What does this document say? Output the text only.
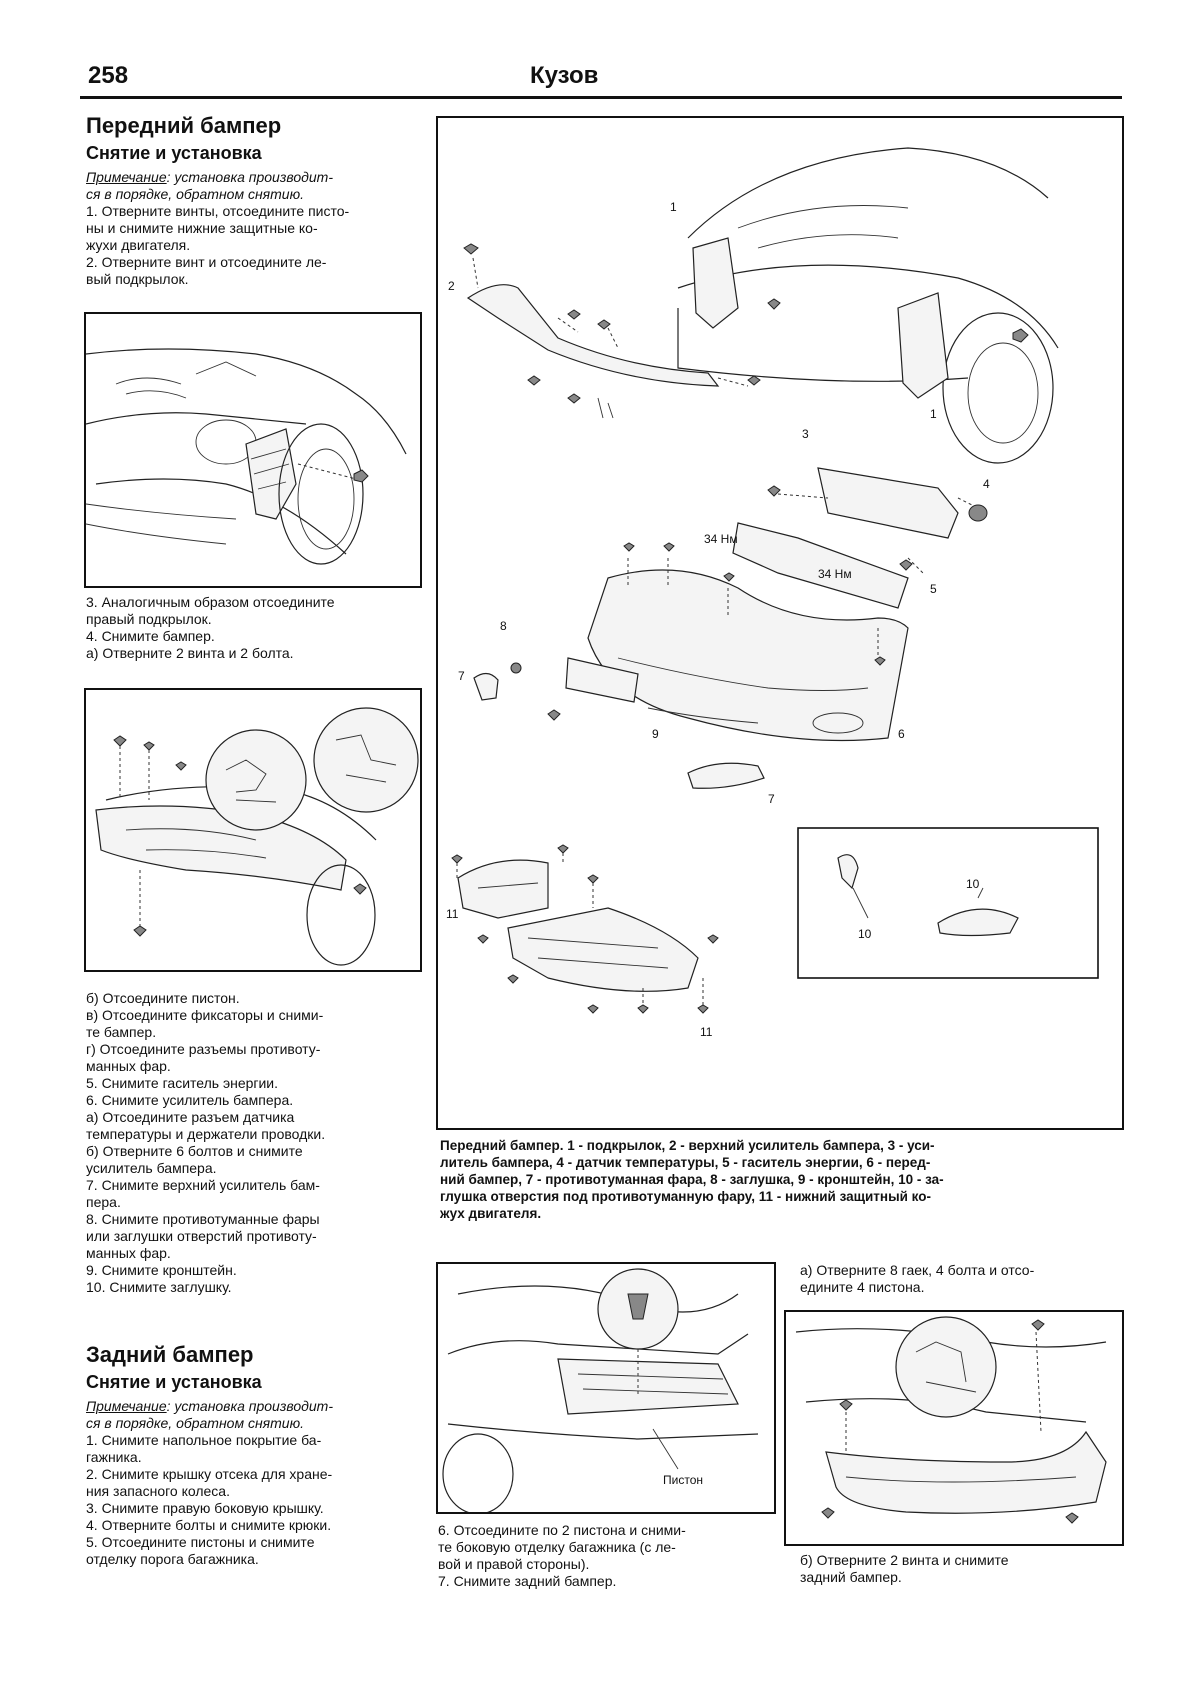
258	Кузов
Передний бампер
Снятие и установка
Примечание: установка производит-
ся в порядке, обратном снятию.
1. Отверните винты, отсоедините писто-
ны и снимите нижние защитные ко-
жухи двигателя.
2. Отверните винт и отсоедините ле-
вый подкрылок.
3. Аналогичным образом отсоедините
правый подкрылок.
4. Снимите бампер.
а) Отверните 2 винта и 2 болта.
б) Отсоедините пистон.
в) Отсоедините фиксаторы и сними-
те бампер.
г) Отсоедините разъемы противоту-
манных фар.
5. Снимите гаситель энергии.
6. Снимите усилитель бампера.
а) Отсоедините разъем датчика
температуры и держатели проводки.
б) Отверните 6 болтов и снимите
усилитель бампера.
7. Снимите верхний усилитель бам-
пера.
8. Снимите противотуманные фары
или заглушки отверстий противоту-
манных фар.
9. Снимите кронштейн.
10. Снимите заглушку.
Задний бампер
Снятие и установка
Примечание: установка производит-
ся в порядке, обратном снятию.
1. Снимите напольное покрытие ба-
гажника.
2. Снимите крышку отсека для хране-
ния запасного колеса.
3. Снимите правую боковую крышку.
4. Отверните болты и снимите крюки.
5. Отсоедините пистоны и снимите
отделку порога багажника.
1
1
2
3
4
5
6
7
7
8
9
10
10
11
11
34 Нм
34 Нм
Передний бампер. 1 - подкрылок, 2 - верхний усилитель бампера, 3 - уси-
литель бампера, 4 - датчик температуры, 5 - гаситель энергии, 6 - перед-
ний бампер, 7 - противотуманная фара, 8 - заглушка, 9 - кронштейн, 10 - за-
глушка отверстия под противотуманную фару, 11 - нижний защитный ко-
жух двигателя.
Пистон
6. Отсоедините по 2 пистона и сними-
те боковую отделку багажника (с ле-
вой и правой стороны).
7. Снимите задний бампер.
а) Отверните 8 гаек, 4 болта и отсо-
едините 4 пистона.
б) Отверните 2 винта и снимите
задний бампер.
